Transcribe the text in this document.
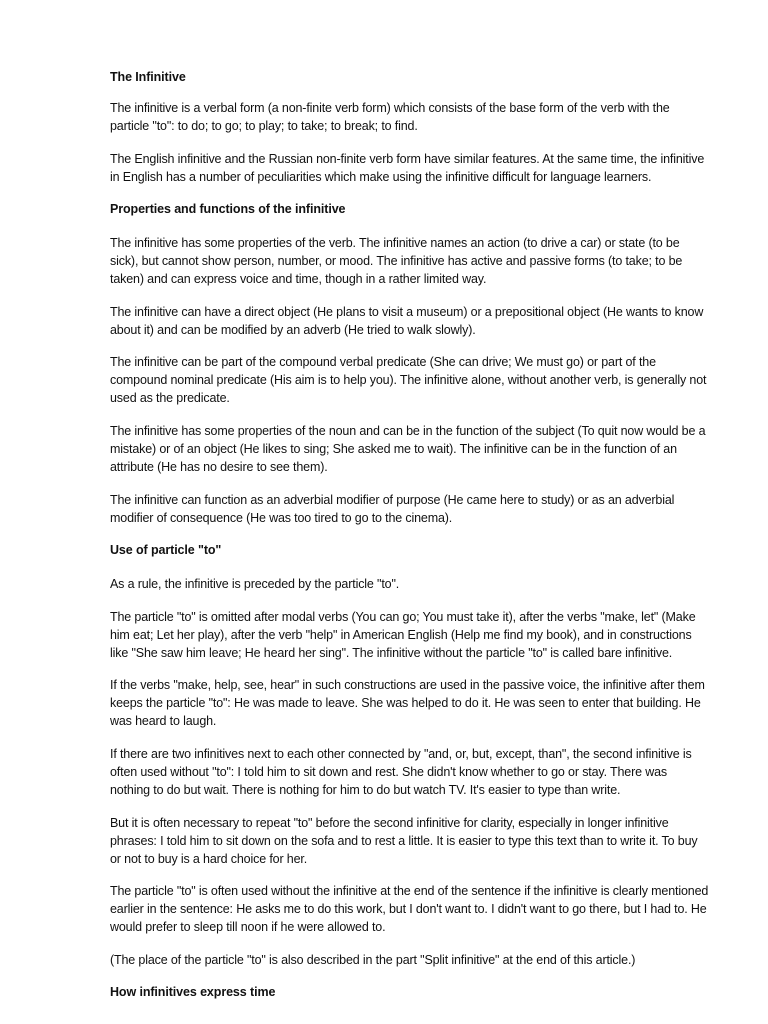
The Infinitive

The infinitive is a verbal form (a non-finite verb form) which consists of the base form of the verb with the particle "to": to do; to go; to play; to take; to break; to find.

The English infinitive and the Russian non-finite verb form have similar features. At the same time, the infinitive in English has a number of peculiarities which make using the infinitive difficult for language learners.

Properties and functions of the infinitive

The infinitive has some properties of the verb. The infinitive names an action (to drive a car) or state (to be sick), but cannot show person, number, or mood. The infinitive has active and passive forms (to take; to be taken) and can express voice and time, though in a rather limited way.

The infinitive can have a direct object (He plans to visit a museum) or a prepositional object (He wants to know about it) and can be modified by an adverb (He tried to walk slowly).

The infinitive can be part of the compound verbal predicate (She can drive; We must go) or part of the compound nominal predicate (His aim is to help you). The infinitive alone, without another verb, is generally not used as the predicate.

The infinitive has some properties of the noun and can be in the function of the subject (To quit now would be a mistake) or of an object (He likes to sing; She asked me to wait). The infinitive can be in the function of an attribute (He has no desire to see them).

The infinitive can function as an adverbial modifier of purpose (He came here to study) or as an adverbial modifier of consequence (He was too tired to go to the cinema).

Use of particle "to"

As a rule, the infinitive is preceded by the particle "to".

The particle "to" is omitted after modal verbs (You can go; You must take it), after the verbs "make, let" (Make him eat; Let her play), after the verb "help" in American English (Help me find my book), and in constructions like "She saw him leave; He heard her sing". The infinitive without the particle "to" is called bare infinitive.

If the verbs "make, help, see, hear" in such constructions are used in the passive voice, the infinitive after them keeps the particle "to": He was made to leave. She was helped to do it. He was seen to enter that building. He was heard to laugh.

If there are two infinitives next to each other connected by "and, or, but, except, than", the second infinitive is often used without "to": I told him to sit down and rest. She didn't know whether to go or stay. There was nothing to do but wait. There is nothing for him to do but watch TV. It's easier to type than write.

But it is often necessary to repeat "to" before the second infinitive for clarity, especially in longer infinitive phrases: I told him to sit down on the sofa and to rest a little. It is easier to type this text than to write it. To buy or not to buy is a hard choice for her.

The particle "to" is often used without the infinitive at the end of the sentence if the infinitive is clearly mentioned earlier in the sentence: He asks me to do this work, but I don't want to. I didn't want to go there, but I had to. He would prefer to sleep till noon if he were allowed to.

(The place of the particle "to" is also described in the part "Split infinitive" at the end of this article.)

How infinitives express time
